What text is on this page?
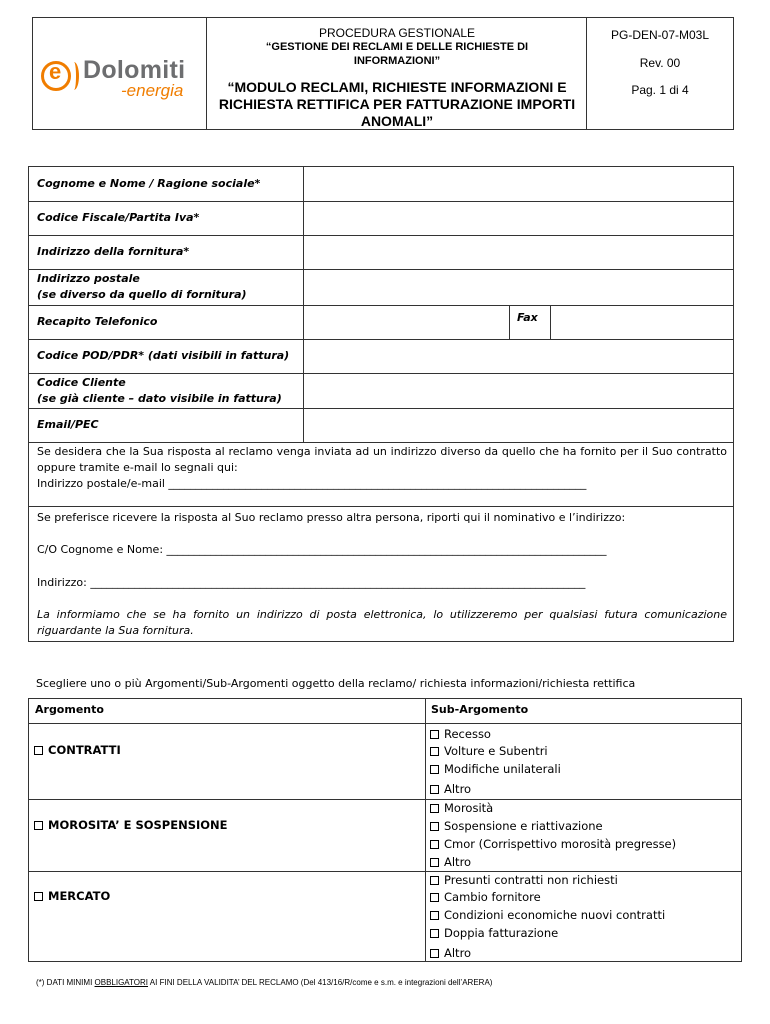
e Dolomiti
-energia
PROCEDURA GESTIONALE
“GESTIONE DEI RECLAMI E DELLE RICHIESTE DI INFORMAZIONI”
“MODULO RECLAMI, RICHIESTE INFORMAZIONI E RICHIESTA RETTIFICA PER FATTURAZIONE IMPORTI ANOMALI”
PG-DEN-07-M03L
Rev. 00
Pag. 1 di 4
Cognome e Nome / Ragione sociale*
Codice Fiscale/Partita Iva*
Indirizzo della fornitura*
Indirizzo postale
(se diverso da quello di fornitura)
Recapito Telefonico
Codice POD/PDR* (dati visibili in fattura)
Codice Cliente
(se già cliente – dato visibile in fattura)
Email/PEC
Fax
Se desidera che la Sua risposta al reclamo venga inviata ad un indirizzo diverso da quello che ha fornito per il Suo contratto oppure tramite e-mail lo segnali qui:
Indirizzo postale/e-mail ____________________________________________________________________________
Se preferisce ricevere la risposta al Suo reclamo presso altra persona, riporti qui il nominativo e l’indirizzo:
C/O Cognome e Nome: ________________________________________________________________________________
Indirizzo: __________________________________________________________________________________________
La informiamo che se ha fornito un indirizzo di posta elettronica, lo utilizzeremo per qualsiasi futura comunicazione riguardante la Sua fornitura.
Scegliere uno o più Argomenti/Sub-Argomenti oggetto della reclamo/ richiesta informazioni/richiesta rettifica
Argomento	Sub-Argomento
CONTRATTI
MOROSITA’ E SOSPENSIONE
MERCATO
Recesso
Volture e Subentri
Modifiche unilaterali
Altro
Morosità
Sospensione e riattivazione
Cmor (Corrispettivo morosità pregresse)
Altro
Presunti contratti non richiesti
Cambio fornitore
Condizioni economiche nuovi contratti
Doppia fatturazione
Altro
(*) DATI MINIMI OBBLIGATORI AI FINI DELLA VALIDITA’ DEL RECLAMO (Del 413/16/R/come e s.m. e integrazioni dell’ARERA)
